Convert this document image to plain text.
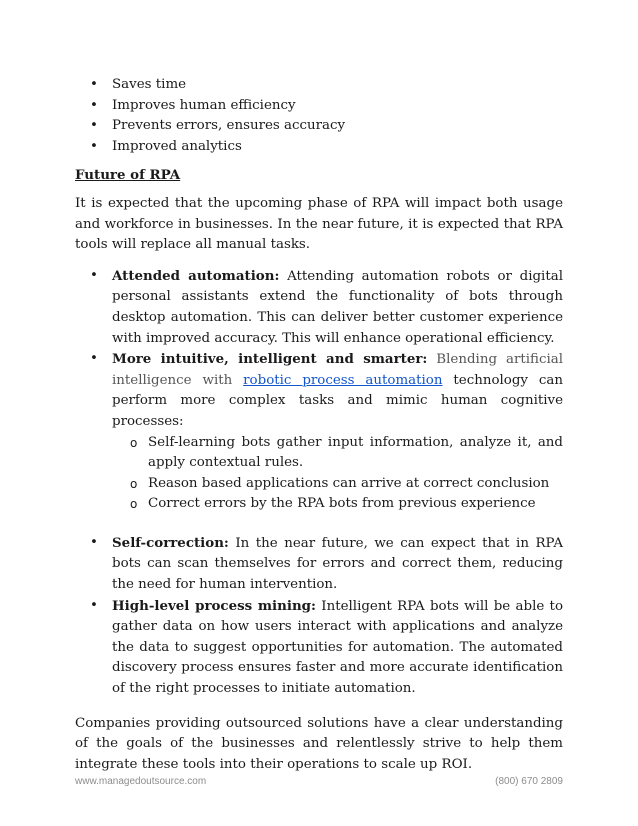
• Saves time
• Improves human efficiency
• Prevents errors, ensures accuracy
• Improved analytics
Future of RPA

It is expected that the upcoming phase of RPA will impact both usage and workforce in businesses. In the near future, it is expected that RPA tools will replace all manual tasks.

• Attended automation: Attending automation robots or digital personal assistants extend the functionality of bots through desktop automation. This can deliver better customer experience with improved accuracy. This will enhance operational efficiency.
• More intuitive, intelligent and smarter: Blending artificial intelligence with robotic process automation technology can perform more complex tasks and mimic human cognitive processes:
o Self-learning bots gather input information, analyze it, and apply contextual rules.
o Reason based applications can arrive at correct conclusion
o Correct errors by the RPA bots from previous experience
• Self-correction: In the near future, we can expect that in RPA bots can scan themselves for errors and correct them, reducing the need for human intervention.
• High-level process mining: Intelligent RPA bots will be able to gather data on how users interact with applications and analyze the data to suggest opportunities for automation. The automated discovery process ensures faster and more accurate identification of the right processes to initiate automation.

Companies providing outsourced solutions have a clear understanding of the goals of the businesses and relentlessly strive to help them integrate these tools into their operations to scale up ROI.

www.managedoutsource.com	(800) 670 2809
